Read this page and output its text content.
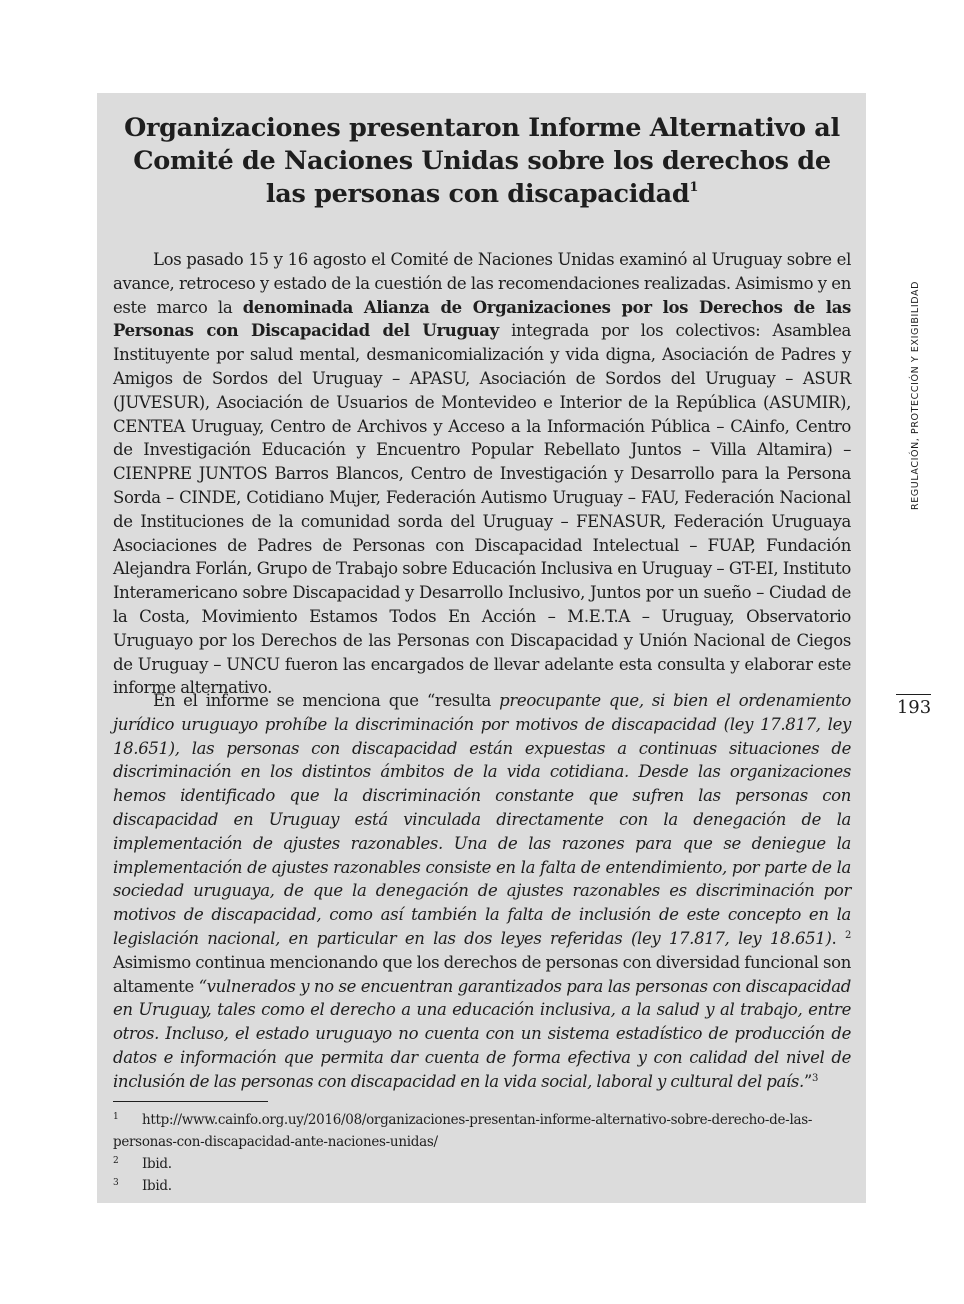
Organizaciones presentaron Informe Alternativo al Comité de Naciones Unidas sobre los derechos de las personas con discapacidad$^1$

Los pasado 15 y 16 agosto el Comité de Naciones Unidas examinó al Uruguay sobre el avance, retroceso y estado de la cuestión de las recomendaciones realizadas. Asimismo y en este marco la denominada Alianza de Organizaciones por los Derechos de las Personas con Discapacidad del Uruguay integrada por los colectivos: Asamblea Instituyente por salud mental, desmanicomialización y vida digna, Asociación de Padres y Amigos de Sordos del Uruguay – APASU, Asociación de Sordos del Uruguay – ASUR (JUVESUR), Asociación de Usuarios de Montevideo e Interior de la República (ASUMIR), CENTEA Uruguay, Centro de Archivos y Acceso a la Información Pública – CAinfo, Centro de Investigación Educación y Encuentro Popular Rebellato Juntos – Villa Altamira) – CIENPRE JUNTOS Barros Blancos, Centro de Investigación y Desarrollo para la Persona Sorda – CINDE, Cotidiano Mujer, Federación Autismo Uruguay – FAU, Federación Nacional de Instituciones de la comunidad sorda del Uruguay – FENASUR, Federación Uruguaya Asociaciones de Padres de Personas con Discapacidad Intelectual – FUAP, Fundación Alejandra Forlán, Grupo de Trabajo sobre Educación Inclusiva en Uruguay – GT-EI, Instituto Interamericano sobre Discapacidad y Desarrollo Inclusivo, Juntos por un sueño – Ciudad de la Costa, Movimiento Estamos Todos En Acción – M.E.T.A – Uruguay, Observatorio Uruguayo por los Derechos de las Personas con Discapacidad y Unión Nacional de Ciegos de Uruguay – UNCU fueron las encargados de llevar adelante esta consulta y elaborar este informe alternativo.

En el informe se menciona que “resulta preocupante que, si bien el ordenamiento jurídico uruguayo prohíbe la discriminación por motivos de discapacidad (ley 17.817, ley 18.651), las personas con discapacidad están expuestas a continuas situaciones de discriminación en los distintos ámbitos de la vida cotidiana. Desde las organizaciones hemos identificado que la discriminación constante que sufren las personas con discapacidad en Uruguay está vinculada directamente con la denegación de la implementación de ajustes razonables. Una de las razones para que se deniegue la implementación de ajustes razonables consiste en la falta de entendimiento, por parte de la sociedad uruguaya, de que la denegación de ajustes razonables es discriminación por motivos de discapacidad, como así también la falta de inclusión de este concepto en la legislación nacional, en particular en las dos leyes referidas (ley 17.817, ley 18.651). $^2$ Asimismo continua mencionando que los derechos de personas con diversidad funcional son altamente “vulnerados y no se encuentran garantizados para las personas con discapacidad en Uruguay, tales como el derecho a una educación inclusiva, a la salud y al trabajo, entre otros. Incluso, el estado uruguayo no cuenta con un sistema estadístico de producción de datos e información que permita dar cuenta de forma efectiva y con calidad del nivel de inclusión de las personas con discapacidad en la vida social, laboral y cultural del país.”$^3$

1 http://www.cainfo.org.uy/2016/08/organizaciones-presentan-informe-alternativo-sobre-derecho-de-las-personas-con-discapacidad-ante-naciones-unidas/

2 Ibid.

3 Ibid.

REGULACIÓN, PROTECCIÓN Y EXIGIBILIDAD
193
